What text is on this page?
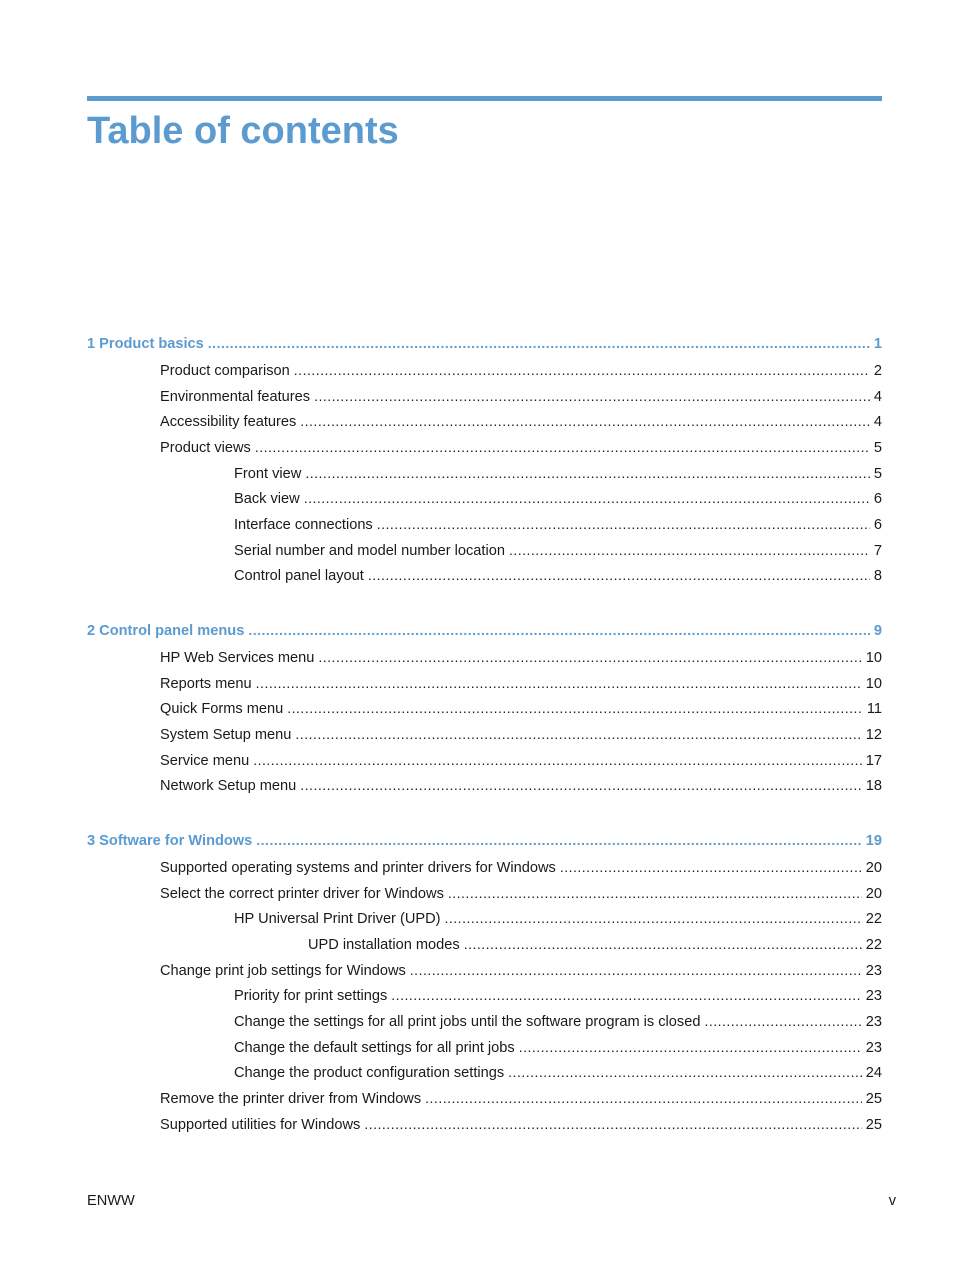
Table of contents
1 Product basics .....	1
Product comparison .....	2
Environmental features .....	4
Accessibility features .....	4
Product views .....	5
Front view .....	5
Back view .....	6
Interface connections .....	6
Serial number and model number location .....	7
Control panel layout .....	8
2 Control panel menus .....	9
HP Web Services menu .....	10
Reports menu .....	10
Quick Forms menu .....	11
System Setup menu .....	12
Service menu .....	17
Network Setup menu .....	18
3 Software for Windows .....	19
Supported operating systems and printer drivers for Windows .....	20
Select the correct printer driver for Windows .....	20
HP Universal Print Driver (UPD) .....	22
UPD installation modes .....	22
Change print job settings for Windows .....	23
Priority for print settings .....	23
Change the settings for all print jobs until the software program is closed .....	23
Change the default settings for all print jobs .....	23
Change the product configuration settings .....	24
Remove the printer driver from Windows .....	25
Supported utilities for Windows .....	25
ENWW	v
